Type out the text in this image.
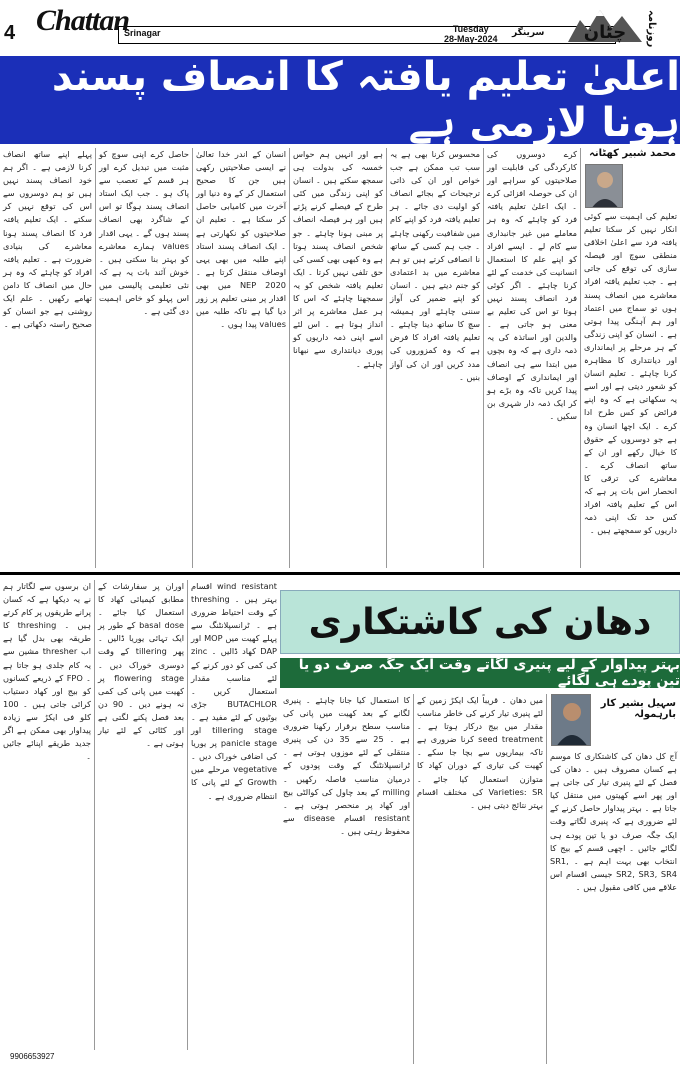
4 Chattan
Srinagar	Tuesday
28-May-2024
سرینگر چٹان روزنامہ
اعلیٰ تعلیم یافتہ کا انصاف پسند ہونا لازمی ہے
محمد شبیر کھٹانہ

تعلیم کی اہمیت سے کوئی انکار نہیں کر سکتا تعلیم یافتہ فرد سے اعلیٰ اخلاقی منطقی سوچ اور فیصلہ سازی کی توقع کی جاتی ہے ۔ جب تعلیم یافتہ افراد معاشرے میں انصاف پسند ہوں تو سماج میں اعتماد اور ہم آہنگی پیدا ہوتی ہے ۔ انسان کو اپنی زندگی کے ہر مرحلے پر ایمانداری اور دیانتداری کا مظاہرہ کرنا چاہئے ۔ تعلیم انسان کو شعور دیتی ہے اور اسے یہ سکھاتی ہے کہ وہ اپنے فرائض کو کس طرح ادا کرے ۔ ایک اچھا انسان وہ ہے جو دوسروں کے حقوق کا خیال رکھے اور ان کے ساتھ انصاف کرے ۔ معاشرے کی ترقی کا انحصار اس بات پر ہے کہ اس کے تعلیم یافتہ افراد کس حد تک اپنی ذمہ داریوں کو سمجھتے ہیں ۔

کرے دوسروں کی کارکردگی کی قابلیت اور صلاحیتوں کو سراہے اور ان کی حوصلہ افزائی کرے ۔ ایک اعلیٰ تعلیم یافتہ فرد کو چاہئے کہ وہ ہر معاملے میں غیر جانبداری سے کام لے ۔ ایسے افراد کو اپنے علم کا استعمال انسانیت کی خدمت کے لئے کرنا چاہئے ۔ اگر کوئی فرد انصاف پسند نہیں ہوتا تو اس کی تعلیم بے معنی ہو جاتی ہے ۔ والدین اور اساتذہ کی یہ ذمہ داری ہے کہ وہ بچوں میں ابتدا سے ہی انصاف اور ایمانداری کے اوصاف پیدا کریں تاکہ وہ بڑے ہو کر ایک ذمہ دار شہری بن سکیں ۔

محسوس کرنا بھی ہے یہ سب تب ممکن ہے جب خواص اور ان کی ذاتی ترجیحات کے بجائے انصاف کو اولیت دی جائے ۔ ہر تعلیم یافتہ فرد کو اپنے کام میں شفافیت رکھنی چاہئے ۔ جب ہم کسی کے ساتھ نا انصافی کرتے ہیں تو ہم معاشرے میں بد اعتمادی کو جنم دیتے ہیں ۔ انسان کو اپنے ضمیر کی آواز سننی چاہئے اور ہمیشہ سچ کا ساتھ دینا چاہئے ۔ تعلیم یافتہ افراد کا فرض ہے کہ وہ کمزوروں کی مدد کریں اور ان کی آواز بنیں ۔

ہے اور انہیں ہم حواس خمسہ کی بدولت ہی سمجھ سکتے ہیں ۔ انسان کو اپنی زندگی میں کئی طرح کے فیصلے کرنے پڑتے ہیں اور ہر فیصلہ انصاف پر مبنی ہونا چاہئے ۔ جو شخص انصاف پسند ہوتا ہے وہ کبھی بھی کسی کی حق تلفی نہیں کرتا ۔ ایک تعلیم یافتہ شخص کو یہ سمجھنا چاہئے کہ اس کا ہر عمل معاشرے پر اثر انداز ہوتا ہے ۔ اس لئے اسے اپنی ذمہ داریوں کو پوری دیانتداری سے نبھانا چاہئے ۔

انسان کے اندر خدا تعالیٰ نے ایسی صلاحیتیں رکھی ہیں جن کا صحیح استعمال کر کے وہ دنیا اور آخرت میں کامیابی حاصل کر سکتا ہے ۔ تعلیم ان صلاحیتوں کو نکھارتی ہے ۔ ایک انصاف پسند استاد اپنے طلبہ میں بھی یہی اوصاف منتقل کرتا ہے ۔ NEP 2020 میں بھی اقدار پر مبنی تعلیم پر زور دیا گیا ہے تاکہ طلبہ میں values پیدا ہوں ۔

حاصل کرے اپنی سوچ کو مثبت میں تبدیل کرے اور ہر قسم کے تعصب سے پاک ہو ۔ جب ایک استاد انصاف پسند ہوگا تو اس کے شاگرد بھی انصاف پسند ہوں گے ۔ یہی اقدار values ہمارے معاشرے کو بہتر بنا سکتی ہیں ۔ خوش آئند بات یہ ہے کہ نئی تعلیمی پالیسی میں اس پہلو کو خاص اہمیت دی گئی ہے ۔

پہلے اپنے ساتھ انصاف کرنا لازمی ہے ۔ اگر ہم خود انصاف پسند نہیں ہیں تو ہم دوسروں سے اس کی توقع نہیں کر سکتے ۔ ایک تعلیم یافتہ فرد کا انصاف پسند ہونا معاشرے کی بنیادی ضرورت ہے ۔ تعلیم یافتہ افراد کو چاہئے کہ وہ ہر حال میں انصاف کا دامن تھامے رکھیں ۔ علم ایک روشنی ہے جو انسان کو صحیح راستہ دکھاتی ہے ۔

دھان کی کاشتکاری
بہتر پیداوار کے لیے پنیری لگاتے وقت ایک جگہ صرف دو یا تین پودے ہی لگائے

wind resistant اقسام بہتر ہیں ۔ threshing کے وقت احتیاط ضروری ہے ۔ ٹرانسپلانٹنگ سے پہلے کھیت میں MOP اور DAP کھاد ڈالیں ۔ zinc کی کمی کو دور کرنے کے لئے مناسب مقدار استعمال کریں ۔ BUTACHLOR جڑی بوٹیوں کے لئے مفید ہے ۔ tillering stage اور panicle stage پر یوریا کی اضافی خوراک دیں ۔ vegetative مرحلے میں Growth کے لئے پانی کا انتظام ضروری ہے ۔

اوران پر سفارشات کے مطابق کیمیائی کھاد کا استعمال کیا جائے ۔ basal dose کے طور پر ایک تہائی یوریا ڈالیں ۔ پھر tillering کے وقت دوسری خوراک دیں ۔ flowering stage پر کھیت میں پانی کی کمی نہ ہونے دیں ۔ 90 دن بعد فصل پکنے لگتی ہے اور کٹائی کے لئے تیار ہوتی ہے ۔

ان برسوں سے لگاتار ہم نے یہ دیکھا ہے کہ کسان پرانے طریقوں پر کام کرتے ہیں ۔ threshing کا طریقہ بھی بدل گیا ہے اب thresher مشین سے یہ کام جلدی ہو جاتا ہے ۔ FPO کے ذریعے کسانوں کو بیج اور کھاد دستیاب کرائی جاتی ہیں ۔ 100 کلو فی ایکڑ سے زیادہ پیداوار بھی ممکن ہے اگر جدید طریقے اپنائے جائیں ۔

سہیل بشیر کار بارہمولہ

آج کل دھان کی کاشتکاری کا موسم ہے کسان مصروف ہیں ۔ دھان کی فصل کے لئے پنیری تیار کی جاتی ہے اور پھر اسے کھیتوں میں منتقل کیا جاتا ہے ۔ بہتر پیداوار حاصل کرنے کے لئے ضروری ہے کہ پنیری لگاتے وقت ایک جگہ صرف دو یا تین پودے ہی لگائے جائیں ۔ اچھی قسم کے بیج کا انتخاب بھی بہت اہم ہے ۔ SR1, SR2, SR3, SR4 جیسی اقسام اس علاقے میں کافی مقبول ہیں ۔

میں دھان ۔ قریباً ایک ایکڑ زمین کے لئے پنیری تیار کرنے کی خاطر مناسب مقدار میں بیج درکار ہوتا ہے ۔ seed treatment کرنا ضروری ہے تاکہ بیماریوں سے بچا جا سکے ۔ کھیت کی تیاری کے دوران کھاد کا متوازن استعمال کیا جائے ۔ Varieties: SR کی مختلف اقسام بہتر نتائج دیتی ہیں ۔

کا استعمال کیا جانا چاہئے ۔ پنیری لگانے کے بعد کھیت میں پانی کی مناسب سطح برقرار رکھنا ضروری ہے ۔ 25 سے 35 دن کی پنیری منتقلی کے لئے موزوں ہوتی ہے ۔ ٹرانسپلانٹنگ کے وقت پودوں کے درمیان مناسب فاصلہ رکھیں ۔ milling کے بعد چاول کی کوالٹی بیج اور کھاد پر منحصر ہوتی ہے ۔ resistant اقسام disease سے محفوظ رہتی ہیں ۔

9906653927
